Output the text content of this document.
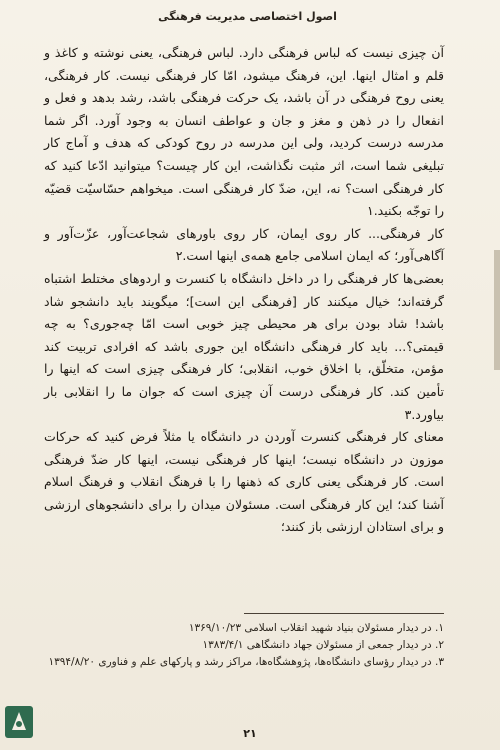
اصول اختصاصی مدیریت فرهنگی

آن چیزی نیست که لباس فرهنگی دارد. لباس فرهنگی، یعنی نوشته و کاغذ و قلم و امثال اینها. این، فرهنگ میشود، امّا کار فرهنگی نیست. کار فرهنگی، یعنی روح فرهنگی در آن باشد، یک حرکت فرهنگی باشد، رشد بدهد و فعل و انفعال را در ذهن و مغز و جان و عواطف انسان به وجود آورد. اگر شما مدرسه درست کردید، ولی این مدرسه در روح کودکی که هدف و آماج کار تبلیغی شما است، اثر مثبت نگذاشت، این کار چیست؟ میتوانید ادّعا کنید که کار فرهنگی است؟ نه، این، ضدّ کار فرهنگی است. میخواهم حسّاسیّت قضیّه را توجّه بکنید.۱

کار فرهنگی... کار روی ایمان، کار روی باورهای شجاعت‌آور، عزّت‌آور و آگاهی‌آور؛ که ایمان اسلامی جامع همه‌ی اینها است.۲

بعضی‌ها کار فرهنگی را در داخل دانشگاه با کنسرت و اردوهای مختلط اشتباه گرفته‌اند؛ خیال میکنند کار [فرهنگی این است]؛ میگویند باید دانشجو شاد باشد! شاد بودن برای هر محیطی چیز خوبی است امّا چه‌جوری؟ به چه قیمتی؟... باید کار فرهنگی دانشگاه این جوری باشد که افرادی تربیت کند مؤمن، متخلّق، با اخلاق خوب، انقلابی؛ کار فرهنگی چیزی است که اینها را تأمین کند. کار فرهنگی درست آن چیزی است که جوان ما را انقلابی بار بیاورد.۳

معنای کار فرهنگی کنسرت آوردن در دانشگاه یا مثلاً فرض کنید که حرکات موزون در دانشگاه نیست؛ اینها کار فرهنگی نیست، اینها کار ضدّ فرهنگی است. کار فرهنگی یعنی کاری که ذهنها را با فرهنگ انقلاب و فرهنگ اسلام آشنا کند؛ این کار فرهنگی است. مسئولان میدان را برای دانشجوهای ارزشی و برای استادان ارزشی باز کنند؛

۱. در دیدار مسئولان بنیاد شهید انقلاب اسلامی ۱۳۶۹/۱۰/۲۳
۲. در دیدار جمعی از مسئولان جهاد دانشگاهی ۱۳۸۳/۴/۱
۳. در دیدار رؤسای دانشگاه‌ها، پژوهشگاه‌ها، مراکز رشد و پارکهای علم و فناوری ۱۳۹۴/۸/۲۰
۲۱
